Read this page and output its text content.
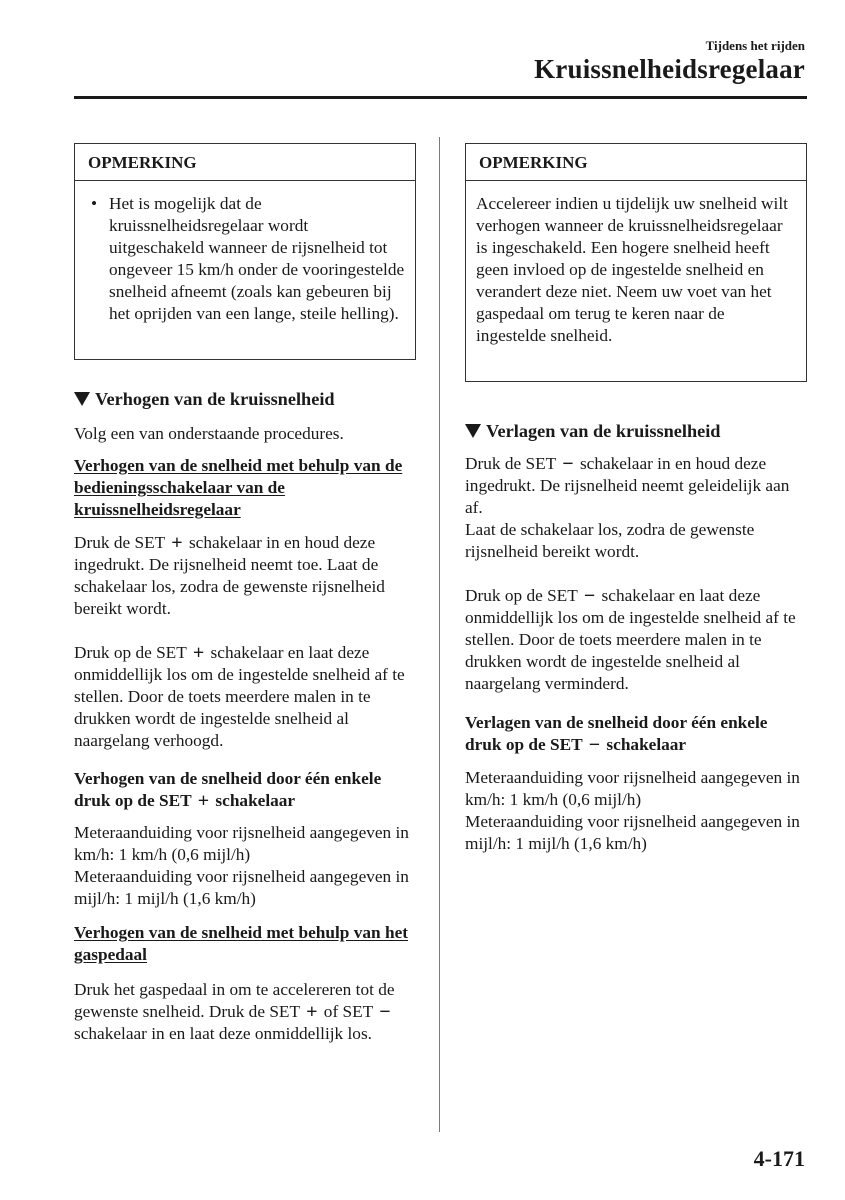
Tijdens het rijden
Kruissnelheidsregelaar
OPMERKING
• Het is mogelijk dat de kruissnelheidsregelaar wordt uitgeschakeld wanneer de rijsnelheid tot ongeveer 15 km/h onder de vooringestelde snelheid afneemt (zoals kan gebeuren bij het oprijden van een lange, steile helling).
Verhogen van de kruissnelheid

Volg een van onderstaande procedures.

Verhogen van de snelheid met behulp van de bedieningsschakelaar van de kruissnelheidsregelaar

Druk de SET + schakelaar in en houd deze ingedrukt. De rijsnelheid neemt toe. Laat de schakelaar los, zodra de gewenste rijsnelheid bereikt wordt.

Druk op de SET + schakelaar en laat deze onmiddellijk los om de ingestelde snelheid af te stellen. Door de toets meerdere malen in te drukken wordt de ingestelde snelheid al naargelang verhoogd.

Verhogen van de snelheid door één enkele druk op de SET + schakelaar

Meteraanduiding voor rijsnelheid aangegeven in km/h: 1 km/h (0,6 mijl/h)

Meteraanduiding voor rijsnelheid aangegeven in mijl/h: 1 mijl/h (1,6 km/h)

Verhogen van de snelheid met behulp van het gaspedaal

Druk het gaspedaal in om te accelereren tot de gewenste snelheid. Druk de SET + of SET − schakelaar in en laat deze onmiddellijk los.

OPMERKING
Accelereer indien u tijdelijk uw snelheid wilt verhogen wanneer de kruissnelheidsregelaar is ingeschakeld. Een hogere snelheid heeft geen invloed op de ingestelde snelheid en verandert deze niet. Neem uw voet van het gaspedaal om terug te keren naar de ingestelde snelheid.
Verlagen van de kruissnelheid

Druk de SET − schakelaar in en houd deze ingedrukt. De rijsnelheid neemt geleidelijk aan af.

Laat de schakelaar los, zodra de gewenste rijsnelheid bereikt wordt.

Druk op de SET − schakelaar en laat deze onmiddellijk los om de ingestelde snelheid af te stellen. Door de toets meerdere malen in te drukken wordt de ingestelde snelheid al naargelang verminderd.

Verlagen van de snelheid door één enkele druk op de SET − schakelaar

Meteraanduiding voor rijsnelheid aangegeven in km/h: 1 km/h (0,6 mijl/h)

Meteraanduiding voor rijsnelheid aangegeven in mijl/h: 1 mijl/h (1,6 km/h)

4-171
